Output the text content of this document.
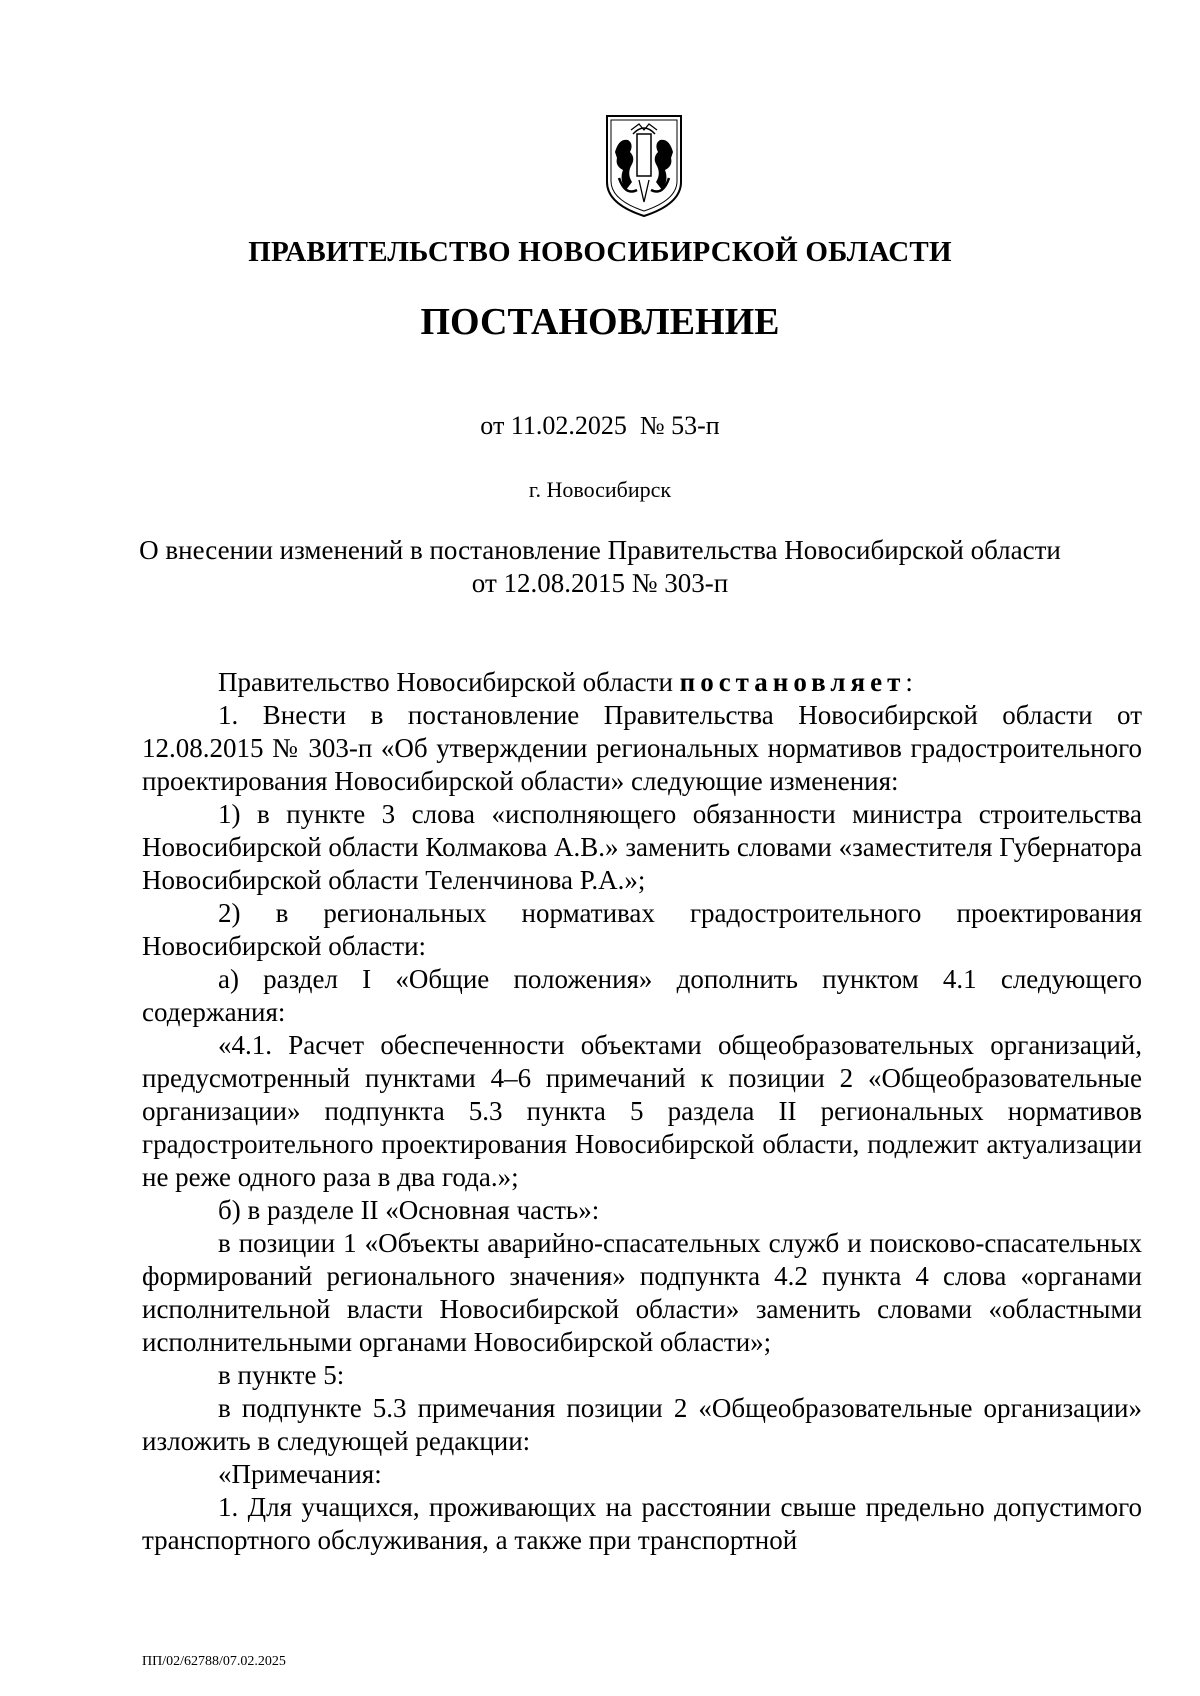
ПРАВИТЕЛЬСТВО НОВОСИБИРСКОЙ ОБЛАСТИ
ПОСТАНОВЛЕНИЕ
от 11.02.2025  № 53-п
г. Новосибирск
О внесении изменений в постановление Правительства Новосибирской области
от 12.08.2015 № 303-п

Правительство Новосибирской области постановляет:

1. Внести в постановление Правительства Новосибирской области от 12.08.2015 № 303-п «Об утверждении региональных нормативов градостроительного проектирования Новосибирской области» следующие изменения:

1) в пункте 3 слова «исполняющего обязанности министра строительства Новосибирской области Колмакова А.В.» заменить словами «заместителя Губернатора Новосибирской области Теленчинова Р.А.»;

2) в региональных нормативах градостроительного проектирования Новосибирской области:

а) раздел I «Общие положения» дополнить пунктом 4.1 следующего содержания:

«4.1. Расчет обеспеченности объектами общеобразовательных организаций, предусмотренный пунктами 4–6 примечаний к позиции 2 «Общеобразовательные организации» подпункта 5.3 пункта 5 раздела II региональных нормативов градостроительного проектирования Новосибирской области, подлежит актуализации не реже одного раза в два года.»;

б) в разделе II «Основная часть»:

в позиции 1 «Объекты аварийно-спасательных служб и поисково-спасательных формирований регионального значения» подпункта 4.2 пункта 4 слова «органами исполнительной власти Новосибирской области» заменить словами «областными исполнительными органами Новосибирской области»;

в пункте 5:

в подпункте 5.3 примечания позиции 2 «Общеобразовательные организации» изложить в следующей редакции:

«Примечания:

1. Для учащихся, проживающих на расстоянии свыше предельно допустимого транспортного обслуживания, а также при транспортной

ПП/02/62788/07.02.2025
